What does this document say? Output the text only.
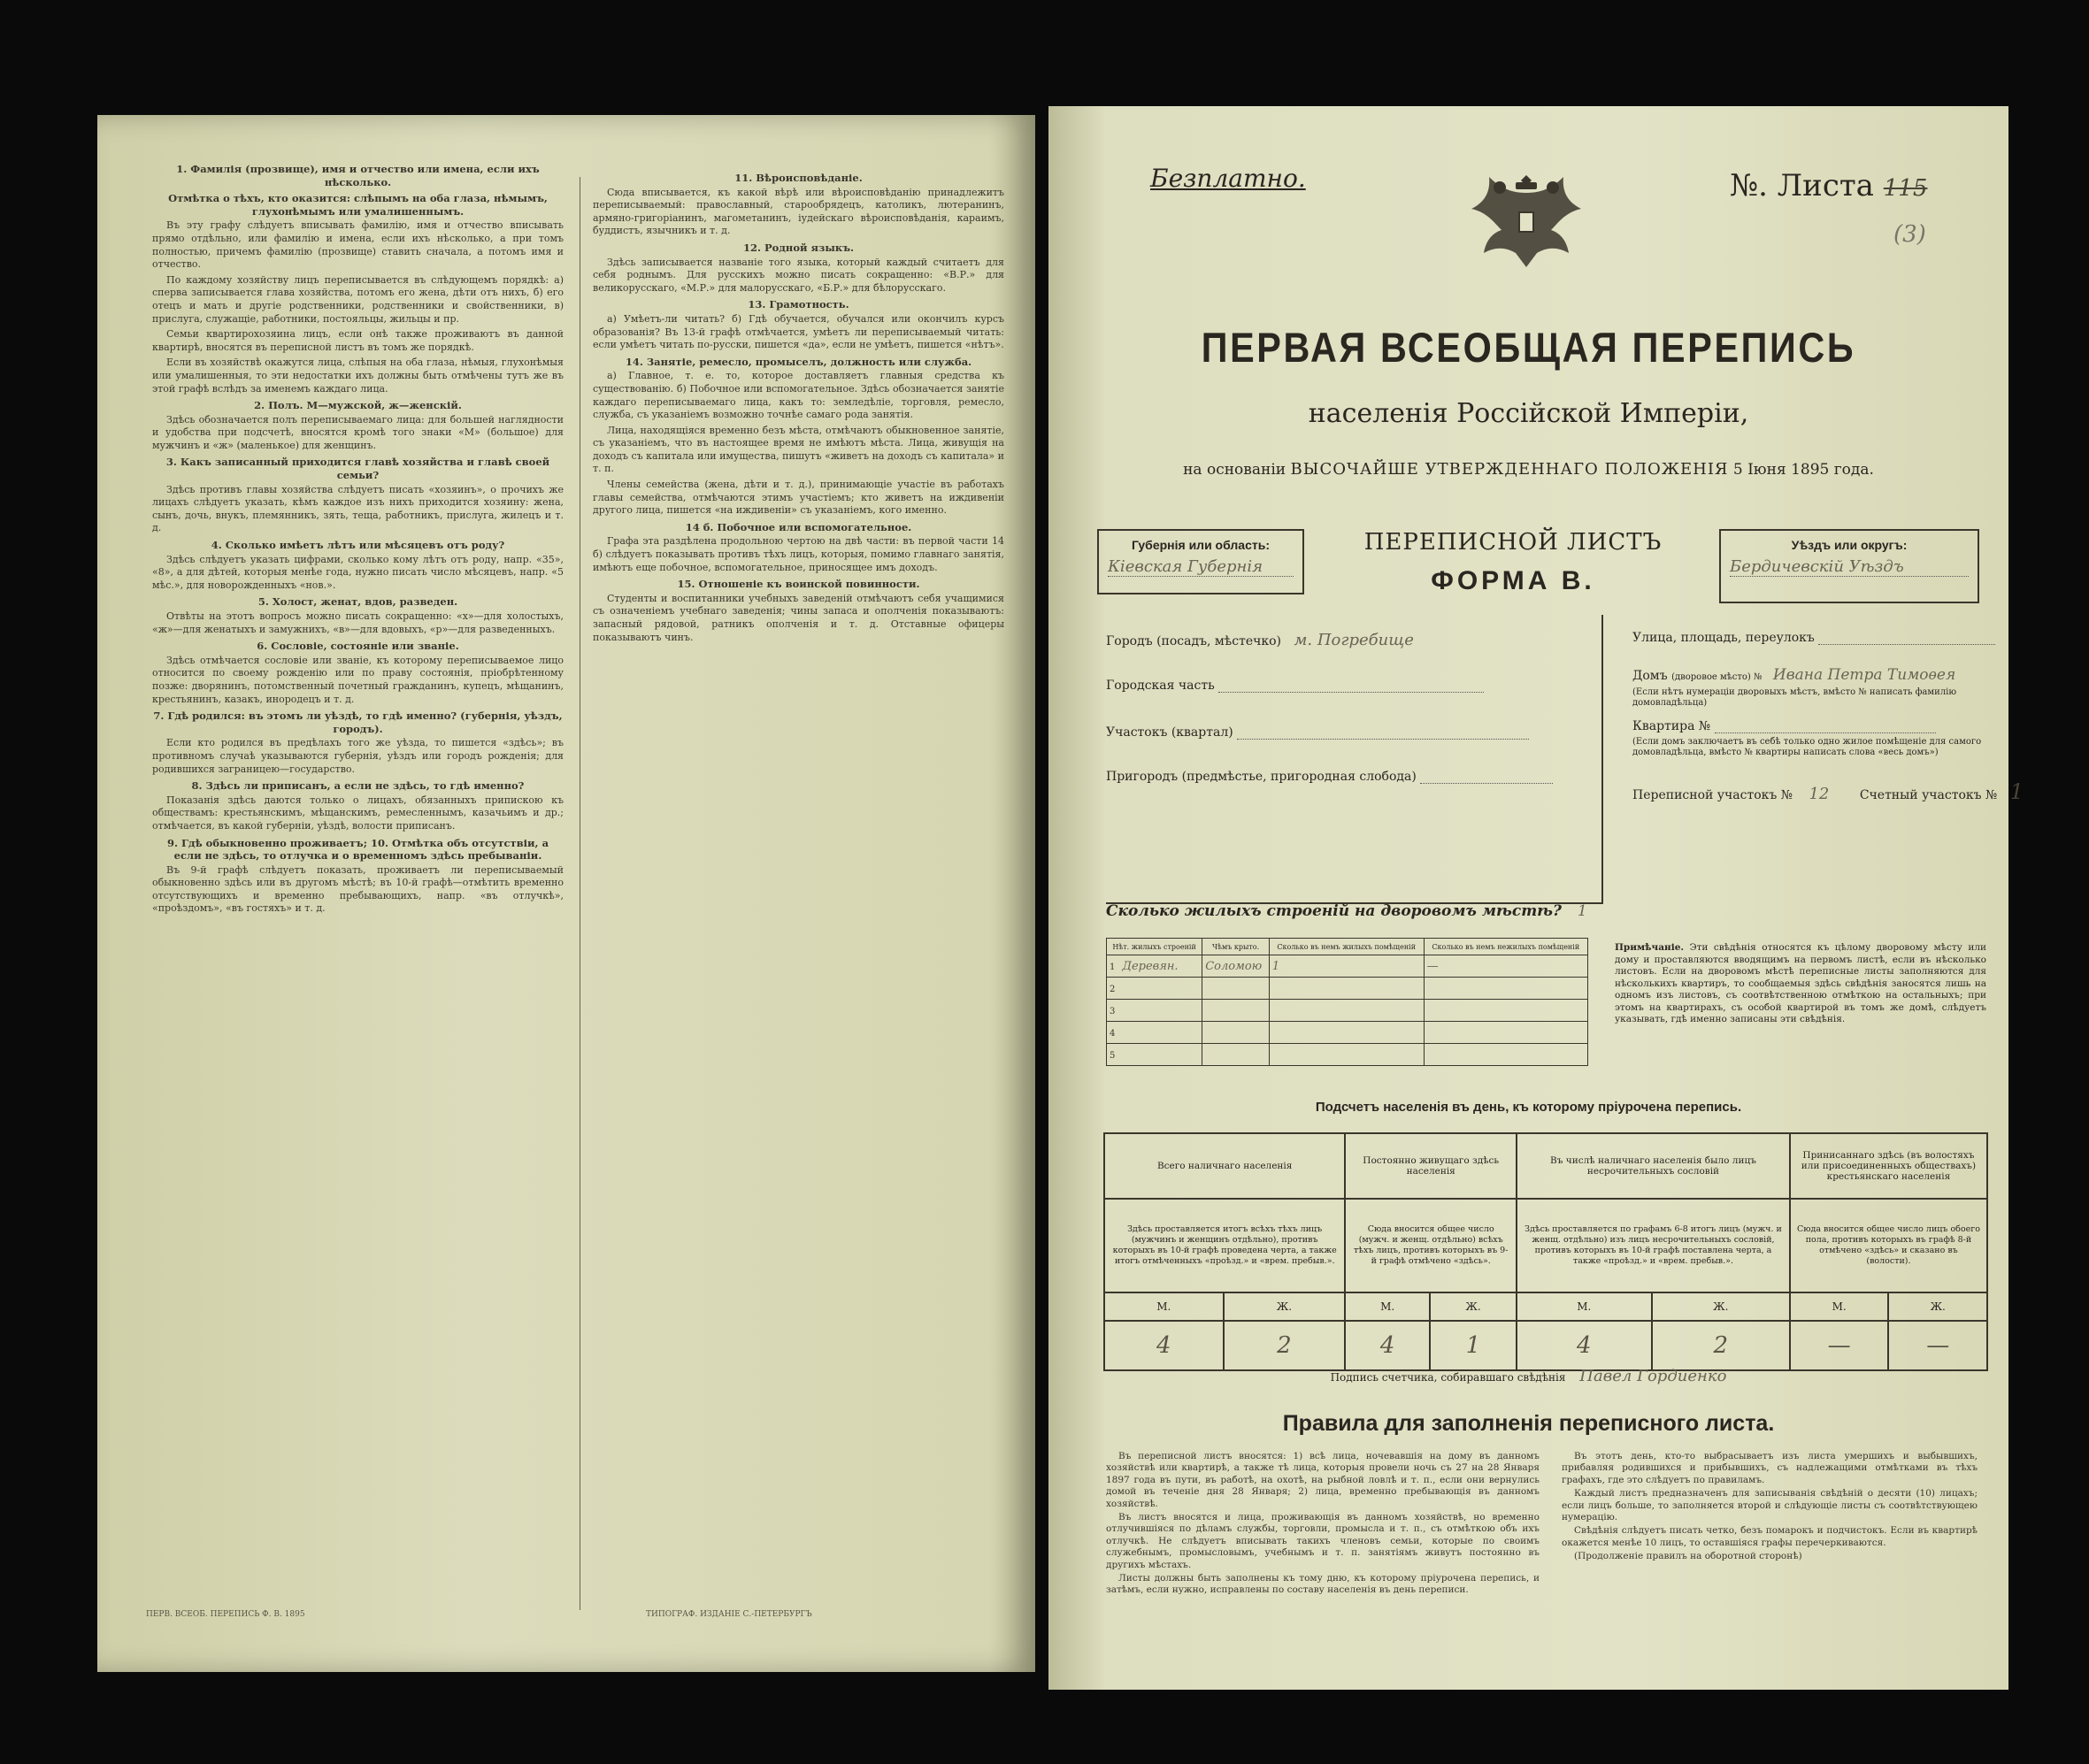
1. Фамилія (прозвище), имя и отчество или имена, если ихъ нѣсколько.

Отмѣтка о тѣхъ, кто оказится: слѣпымъ на оба глаза, нѣмымъ, глухонѣмымъ или умалишеннымъ.

Въ эту графу слѣдуетъ вписывать фамилію, имя и отчество вписывать прямо отдѣльно, или фамилію и имена, если ихъ нѣсколько, а при томъ полностью, причемъ фамилію (прозвище) ставить сначала, а потомъ имя и отчество.

По каждому хозяйству лицъ переписывается въ слѣдующемъ порядкѣ: а) сперва записывается глава хозяйства, потомъ его жена, дѣти отъ нихъ, б) его отецъ и мать и другіе родственники, родственники и свойственники, в) прислуга, служащіе, работники, постояльцы, жильцы и пр.

Семьи квартирохозяина лицъ, если онѣ также проживаютъ въ данной квартирѣ, вносятся въ переписной листъ въ томъ же порядкѣ.

Если въ хозяйствѣ окажутся лица, слѣпыя на оба глаза, нѣмыя, глухонѣмыя или умалишенныя, то эти недостатки ихъ должны быть отмѣчены тутъ же въ этой графѣ вслѣдъ за именемъ каждаго лица.

2. Полъ. М—мужской, ж—женскій.

Здѣсь обозначается полъ переписываемаго лица: для большей наглядности и удобства при подсчетѣ, вносятся кромѣ того знаки «М» (большое) для мужчинъ и «ж» (маленькое) для женщинъ.

3. Какъ записанный приходится главѣ хозяйства и главѣ своей семьи?

Здѣсь противъ главы хозяйства слѣдуетъ писать «хозяинъ», о прочихъ же лицахъ слѣдуетъ указать, кѣмъ каждое изъ нихъ приходится хозяину: жена, сынъ, дочь, внукъ, племянникъ, зять, теща, работникъ, прислуга, жилецъ и т. д.

4. Сколько имѣетъ лѣтъ или мѣсяцевъ отъ роду?

Здѣсь слѣдуетъ указать цифрами, сколько кому лѣтъ отъ роду, напр. «35», «8», а для дѣтей, которыя менѣе года, нужно писать число мѣсяцевъ, напр. «5 мѣс.», для новорожденныхъ «нов.».

5. Холост, женат, вдов, разведен.

Отвѣты на этотъ вопросъ можно писать сокращенно: «х»—для холостыхъ, «ж»—для женатыхъ и замужнихъ, «в»—для вдовыхъ, «р»—для разведенныхъ.

6. Сословіе, состояніе или званіе.

Здѣсь отмѣчается сословіе или званіе, къ которому переписываемое лицо относится по своему рожденію или по праву состоянія, пріобрѣтенному позже: дворянинъ, потомственный почетный гражданинъ, купецъ, мѣщанинъ, крестьянинъ, казакъ, инородецъ и т. д.

7. Гдѣ родился: въ этомъ ли уѣздѣ, то гдѣ именно? (губернія, уѣздъ, городъ).

Если кто родился въ предѣлахъ того же уѣзда, то пишется «здѣсь»; въ противномъ случаѣ указываются губернія, уѣздъ или городъ рожденія; для родившихся заграницею—государство.

8. Здѣсь ли приписанъ, а если не здѣсь, то гдѣ именно?

Показанія здѣсь даются только о лицахъ, обязанныхъ припискою къ обществамъ: крестьянскимъ, мѣщанскимъ, ремесленнымъ, казачьимъ и др.; отмѣчается, въ какой губерніи, уѣздѣ, волости приписанъ.

9. Гдѣ обыкновенно проживаетъ; 10. Отмѣтка объ отсутствіи, а если не здѣсь, то отлучка и о временномъ здѣсь пребываніи.

Въ 9-й графѣ слѣдуетъ показать, проживаетъ ли переписываемый обыкновенно здѣсь или въ другомъ мѣстѣ; въ 10-й графѣ—отмѣтить временно отсутствующихъ и временно пребывающихъ, напр. «въ отлучкѣ», «проѣздомъ», «въ гостяхъ» и т. д.

11. Вѣроисповѣданіе.

Сюда вписывается, къ какой вѣрѣ или вѣроисповѣданію принадлежитъ переписываемый: православный, старообрядецъ, католикъ, лютеранинъ, армяно-григоріанинъ, магометанинъ, іудейскаго вѣроисповѣданія, караимъ, буддистъ, язычникъ и т. д.

12. Родной языкъ.

Здѣсь записывается названіе того языка, который каждый считаетъ для себя роднымъ. Для русскихъ можно писать сокращенно: «В.Р.» для великорусскаго, «М.Р.» для малорусскаго, «Б.Р.» для бѣлорусскаго.

13. Грамотность.

а) Умѣетъ-ли читать? б) Гдѣ обучается, обучался или окончилъ курсъ образованія? Въ 13-й графѣ отмѣчается, умѣетъ ли переписываемый читать: если умѣетъ читать по-русски, пишется «да», если не умѣетъ, пишется «нѣтъ».

14. Занятіе, ремесло, промыселъ, должность или служба.

а) Главное, т. е. то, которое доставляетъ главныя средства къ существованію. б) Побочное или вспомогательное. Здѣсь обозначается занятіе каждаго переписываемаго лица, какъ то: земледѣліе, торговля, ремесло, служба, съ указаніемъ возможно точнѣе самаго рода занятія.

Лица, находящіяся временно безъ мѣста, отмѣчаютъ обыкновенное занятіе, съ указаніемъ, что въ настоящее время не имѣютъ мѣста. Лица, живущія на доходъ съ капитала или имущества, пишутъ «живетъ на доходъ съ капитала» и т. п.

Члены семейства (жена, дѣти и т. д.), принимающіе участіе въ работахъ главы семейства, отмѣчаются этимъ участіемъ; кто живетъ на иждивеніи другого лица, пишется «на иждивеніи» съ указаніемъ, кого именно.

14 б. Побочное или вспомогательное.

Графа эта раздѣлена продольною чертою на двѣ части: въ первой части 14 б) слѣдуетъ показывать противъ тѣхъ лицъ, которыя, помимо главнаго занятія, имѣютъ еще побочное, вспомогательное, приносящее имъ доходъ.

15. Отношеніе къ воинской повинности.

Студенты и воспитанники учебныхъ заведеній отмѣчаютъ себя учащимися съ означеніемъ учебнаго заведенія; чины запаса и ополченія показываютъ: запасный рядовой, ратникъ ополченія и т. д. Отставные офицеры показываютъ чинъ.

ПЕРВ. ВСЕОБ. ПЕРЕПИСЬ Ф. В. 1895	ТИПОГРАФ. ИЗДАНІЕ С.-ПЕТЕРБУРГЪ
Безплатно.	№. Листа 115
(3)
ПЕРВАЯ ВСЕОБЩАЯ ПЕРЕПИСЬ
населенія Россійской Имперіи,
на основаніи ВЫСОЧАЙШЕ УТВЕРЖДЕННАГО ПОЛОЖЕНІЯ 5 Іюня 1895 года.
Губернія или область:
Кіевская Губернія
ПЕРЕПИСНОЙ ЛИСТЪ
ФОРМА В.
Уѣздъ или округъ:
Бердичевскій Уѣздъ
Городъ (посадъ, мѣстечко) м. Погребище
Городская часть
Участокъ (квартал)
Пригородъ (предмѣстье, пригородная слобода)
Улица, площадь, переулокъ
Домъ (дворовое мѣсто) № Ивана Петра Тимоѳея
(Если нѣтъ нумераціи дворовыхъ мѣстъ, вмѣсто № написать фамилію домовладѣльца)
Квартира №
(Если домъ заключаетъ въ себѣ только одно жилое помѣщеніе для самого домовладѣльца, вмѣсто № квартиры написать слова «весь домъ»)
Переписной участокъ № 12 Счетный участокъ № 1
Сколько жилыхъ строеній на дворовомъ мѣстѣ? 1
Нѣт. жилыхъ строеній	Чѣмъ крыто.	Сколько въ немъ жилыхъ помѣщеній	Сколько въ немъ нежилыхъ помѣщеній
1 Деревян.	Соломою	1	—
2			
3			
4			
5			
Примѣчаніе. Эти свѣдѣнія относятся къ цѣлому дворовому мѣсту или дому и проставляются вводящимъ на первомъ листѣ, если въ нѣсколько листовъ. Если на дворовомъ мѣстѣ переписные листы заполняются для нѣсколькихъ квартиръ, то сообщаемыя здѣсь свѣдѣнія заносятся лишь на одномъ изъ листовъ, съ соотвѣтственною отмѣткою на остальныхъ; при этомъ на квартирахъ, съ особой квартирой въ томъ же домѣ, слѣдуетъ указывать, гдѣ именно записаны эти свѣдѣнія.
Подсчетъ населенія въ день, къ которому пріурочена перепись.
Всего наличнаго населенія		Постоянно живущаго здѣсь населенія		Въ числѣ наличнаго населенія было лицъ несрочительныхъ сословій		Принисаннаго здѣсь (въ волостяхъ или присоединенныхъ обществахъ) крестьянскаго населенія	
Здѣсь проставляется итогъ всѣхъ тѣхъ лицъ (мужчинъ и женщинъ отдѣльно), противъ которыхъ въ 10-й графѣ проведена черта, а также итогъ отмѣченныхъ «проѣзд.» и «врем. пребыв.».		Сюда вносится общее число (мужч. и женщ. отдѣльно) всѣхъ тѣхъ лицъ, противъ которыхъ въ 9-й графѣ отмѣчено «здѣсь».		Здѣсь проставляется по графамъ 6-8 итогъ лицъ (мужч. и женщ. отдѣльно) изъ лицъ несрочительныхъ сословій, противъ которыхъ въ 10-й графѣ поставлена черта, а также «проѣзд.» и «врем. пребыв.».		Сюда вносится общее число лицъ обоего пола, противъ которыхъ въ графѣ 8-й отмѣчено «здѣсь» и сказано въ (волости).	
М.	Ж.	М.	Ж.	М.	Ж.	М.	Ж.
4	2	4	1	4	2	—	—
Подпись счетчика, собиравшаго свѣдѣнія Павел Гордиенко
Правила для заполненія переписного листа.

Въ переписной листъ вносятся: 1) всѣ лица, ночевавшія на дому въ данномъ хозяйствѣ или квартирѣ, а также тѣ лица, которыя провели ночь съ 27 на 28 Января 1897 года въ пути, въ работѣ, на охотѣ, на рыбной ловлѣ и т. п., если они вернулись домой въ теченіе дня 28 Января; 2) лица, временно пребывающія въ данномъ хозяйствѣ.

Въ листъ вносятся и лица, проживающія въ данномъ хозяйствѣ, но временно отлучившіяся по дѣламъ службы, торговли, промысла и т. п., съ отмѣткою объ ихъ отлучкѣ. Не слѣдуетъ вписывать такихъ членовъ семьи, которые по своимъ служебнымъ, промысловымъ, учебнымъ и т. п. занятіямъ живутъ постоянно въ другихъ мѣстахъ.

Листы должны быть заполнены къ тому дню, къ которому пріурочена перепись, и затѣмъ, если нужно, исправлены по составу населенія въ день переписи.

Въ этотъ день, кто-то выбрасываетъ изъ листа умершихъ и выбывшихъ, прибавляя родившихся и прибывшихъ, съ надлежащими отмѣтками въ тѣхъ графахъ, где это слѣдуетъ по правиламъ.

Каждый листъ предназначенъ для записыванія свѣдѣній о десяти (10) лицахъ; если лицъ больше, то заполняется второй и слѣдующіе листы съ соотвѣтствующею нумерацію.

Свѣдѣнія слѣдуетъ писать четко, безъ помарокъ и подчистокъ. Если въ квартирѣ окажется менѣе 10 лицъ, то оставшіяся графы перечеркиваются.

(Продолженіе правилъ на оборотной сторонѣ)
